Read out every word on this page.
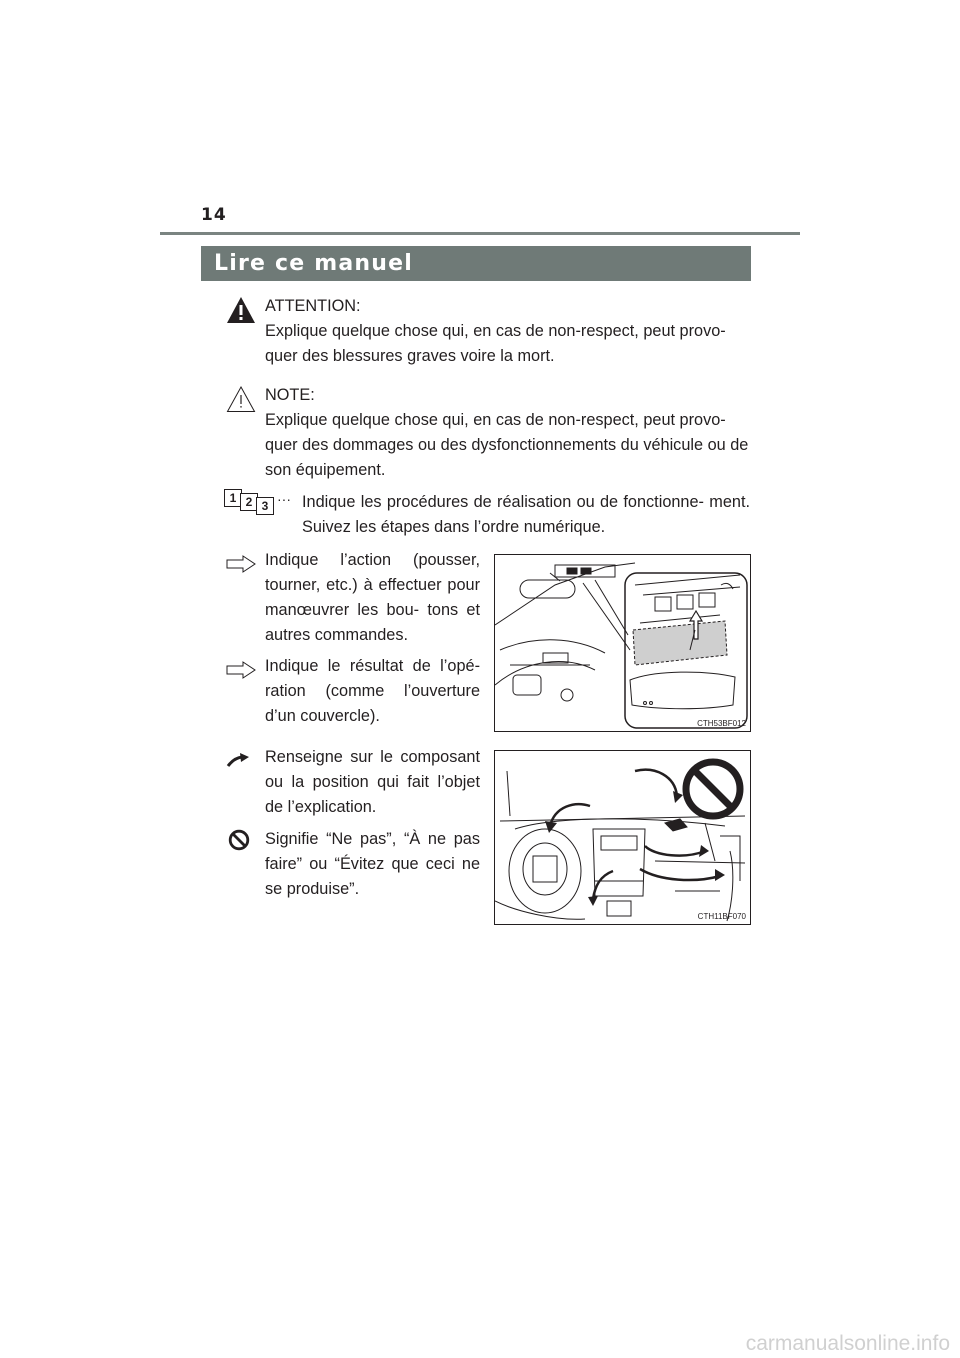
14
Lire ce manuel

ATTENTION:

Explique quelque chose qui, en cas de non-respect, peut provo- quer des blessures graves voire la mort.

NOTE:

Explique quelque chose qui, en cas de non-respect, peut provo- quer des dommages ou des dysfonctionnements du véhicule ou de son équipement.

1 2 3 ··· Indique les procédures de réalisation ou de fonctionne- ment. Suivez les étapes dans l’ordre numérique.

Indique l’action (pousser, tourner, etc.) à effectuer pour manœuvrer les bou- tons et autres commandes.

Indique le résultat de l’opé- ration (comme l’ouverture d’un couvercle).

Renseigne sur le composant ou la position qui fait l’objet de l’explication.

Signifie “Ne pas”, “À ne pas faire” ou “Évitez que ceci ne se produise”.

CTH53BF012
CTH11BF070
carmanualsonline.info
